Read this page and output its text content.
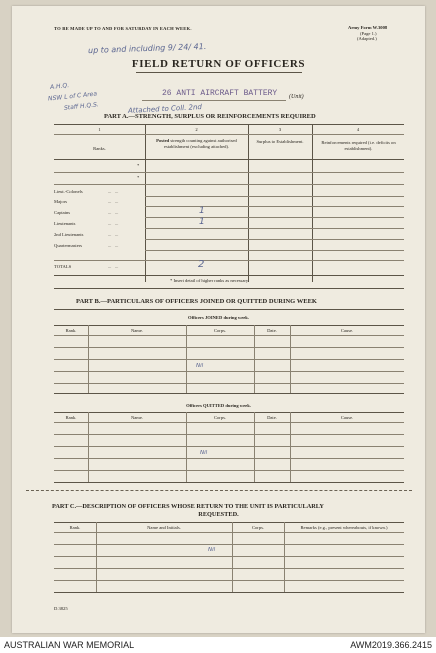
TO BE MADE UP TO AND FOR SATURDAY IN EACH WEEK.	Army Form W.3008
(Page 1.)
(Adapted.)
up to and including 9/ 24/ 41.
FIELD RETURN OF OFFICERS
A.H.Q.
NSW L of C Area
Staff H.Q.S.
26 ANTI AIRCRAFT BATTERY (Unit)
Attached to Coll. 2nd
PART A.—STRENGTH, SURPLUS OR REINFORCEMENTS REQUIRED
1	2	3	4
Ranks.
Posted strength counting against authorised establishment (excluding attached).
Surplus to Establishment.	Reinforcements required (i.e. deficits on establishment).
*
*
Lieut.-Colonels	...   ...
Majors	...   ...
Captains	...   ...	1
Lieutenants	...   ...	1
2nd Lieutenants	...   ...
Quartermasters	...   ...
TOTALS	...   ...	2
* Insert detail of higher ranks as necessary.
PART B.—PARTICULARS OF OFFICERS JOINED OR QUITTED DURING WEEK
Officers JOINED during week.
Rank.	Name.	Corps.	Date.	Cause.
Nil
Officers QUITTED during week.
Rank.	Name.	Corps.	Date.	Cause.
Nil
PART C.—DESCRIPTION OF OFFICERS WHOSE RETURN TO THE UNIT IS PARTICULARLY
REQUESTED.
Rank.	Name and Initials.	Corps.	Remarks (e.g., present whereabouts, if known.)
Nil
D.3825
AUSTRALIAN WAR MEMORIAL	AWM2019.366.2415
